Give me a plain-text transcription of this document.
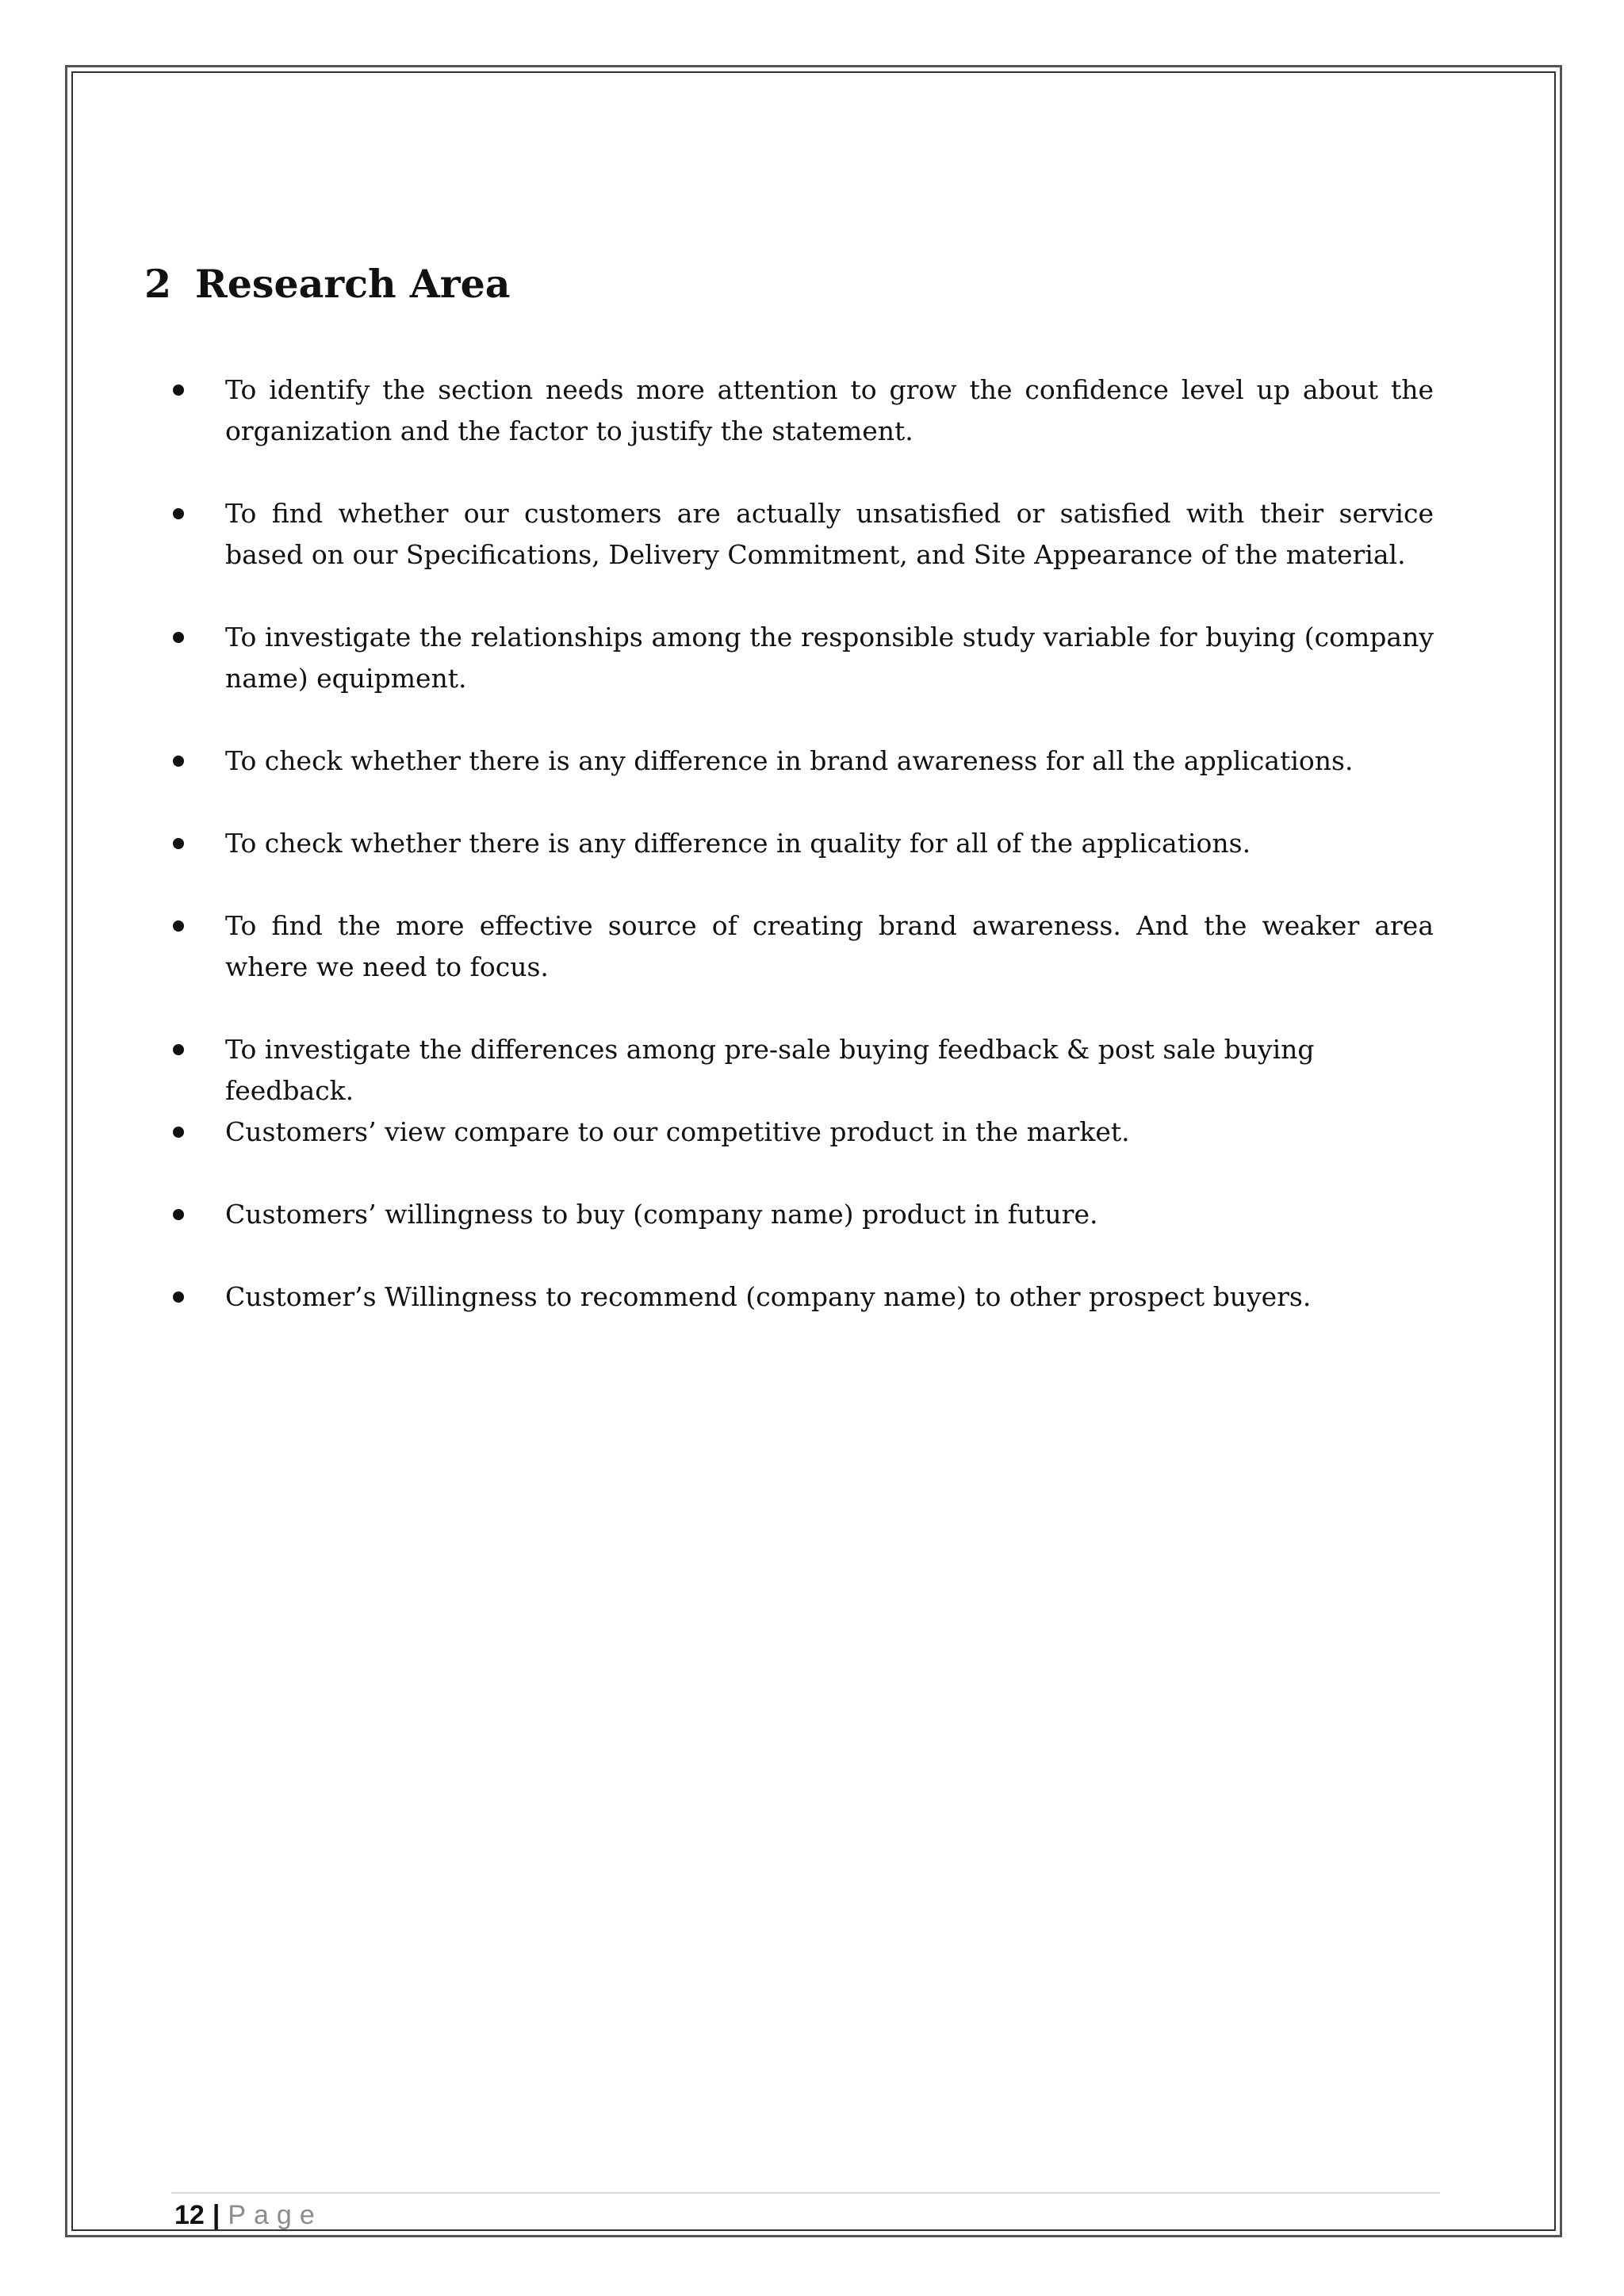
2 Research Area
To identify the section needs more attention to grow the confidence level up about the organization and the factor to justify the statement.
To find whether our customers are actually unsatisfied or satisfied with their service based on our Specifications, Delivery Commitment, and Site Appearance of the material.
To investigate the relationships among the responsible study variable for buying (company name) equipment.
To check whether there is any difference in brand awareness for all the applications.
To check whether there is any difference in quality for all of the applications.
To find the more effective source of creating brand awareness. And the weaker area where we need to focus.
To investigate the differences among pre-sale buying feedback & post sale buying feedback.
Customers’ view compare to our competitive product in the market.
Customers’ willingness to buy (company name) product in future.
Customer’s Willingness to recommend (company name) to other prospect buyers.
12 | Page
